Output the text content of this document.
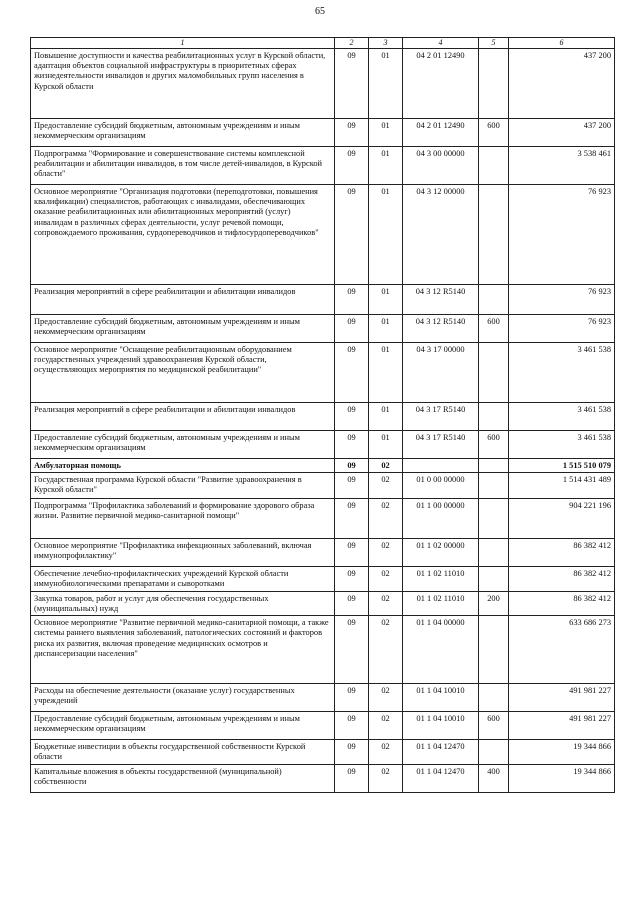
65
1	2	3	4	5	6
Повышение доступности и качества реабилитационных услуг в Курской области, адаптация объектов социальной инфраструктуры в приоритетных сферах жизнедеятельности инвалидов и других маломобильных групп населения в Курской области	09	01	04 2 01 12490		437 200
Предоставление субсидий бюджетным, автономным учреждениям и иным некоммерческим организациям	09	01	04 2 01 12490	600	437 200
Подпрограмма "Формирование и совершенствование системы комплексной реабилитации и абилитации инвалидов, в том числе детей-инвалидов, в Курской области"	09	01	04 3 00 00000		3 538 461
Основное мероприятие "Организация подготовки (переподготовки, повышения квалификации) специалистов, работающих с инвалидами, обеспечивающих оказание реабилитационных или абилитационных мероприятий (услуг) инвалидам в различных сферах деятельности, услуг речевой помощи, сопровождаемого проживания, сурдопереводчиков и тифлосурдопереводчиков"	09	01	04 3 12 00000		76 923
Реализация мероприятий в сфере реабилитации и абилитации инвалидов	09	01	04 3 12 R5140		76 923
Предоставление субсидий бюджетным, автономным учреждениям и иным некоммерческим организациям	09	01	04 3 12 R5140	600	76 923
Основное мероприятие "Оснащение реабилитационным оборудованием государственных учреждений здравоохранения Курской области, осуществляющих мероприятия по медицинской реабилитации"	09	01	04 3 17 00000		3 461 538
Реализация мероприятий в сфере реабилитации и абилитации инвалидов	09	01	04 3 17 R5140		3 461 538
Предоставление субсидий бюджетным, автономным учреждениям и иным некоммерческим организациям	09	01	04 3 17 R5140	600	3 461 538
Амбулаторная помощь	09	02			1 515 510 079
Государственная программа Курской области "Развитие здравоохранения в Курской области"	09	02	01 0 00 00000		1 514 431 489
Подпрограмма "Профилактика заболеваний и формирование здорового образа жизни. Развитие первичной медико-санитарной помощи"	09	02	01 1 00 00000		904 221 196
Основное мероприятие "Профилактика инфекционных заболеваний, включая иммунопрофилактику"	09	02	01 1 02 00000		86 382 412
Обеспечение лечебно-профилактических учреждений Курской области иммунобиологическими препаратами и сыворотками	09	02	01 1 02 11010		86 382 412
Закупка товаров, работ и услуг для обеспечения государственных (муниципальных) нужд	09	02	01 1 02 11010	200	86 382 412
Основное мероприятие "Развитие первичной медико-санитарной помощи, а также системы раннего выявления заболеваний, патологических состояний и факторов риска их развития, включая проведение медицинских осмотров и диспансеризации населения"	09	02	01 1 04 00000		633 686 273
Расходы на обеспечение деятельности (оказание услуг) государственных учреждений	09	02	01 1 04 10010		491 981 227
Предоставление субсидий бюджетным, автономным учреждениям и иным некоммерческим организациям	09	02	01 1 04 10010	600	491 981 227
Бюджетные инвестиции в объекты государственной собственности Курской области	09	02	01 1 04 12470		19 344 866
Капитальные вложения в объекты государственной (муниципальной) собственности	09	02	01 1 04 12470	400	19 344 866
